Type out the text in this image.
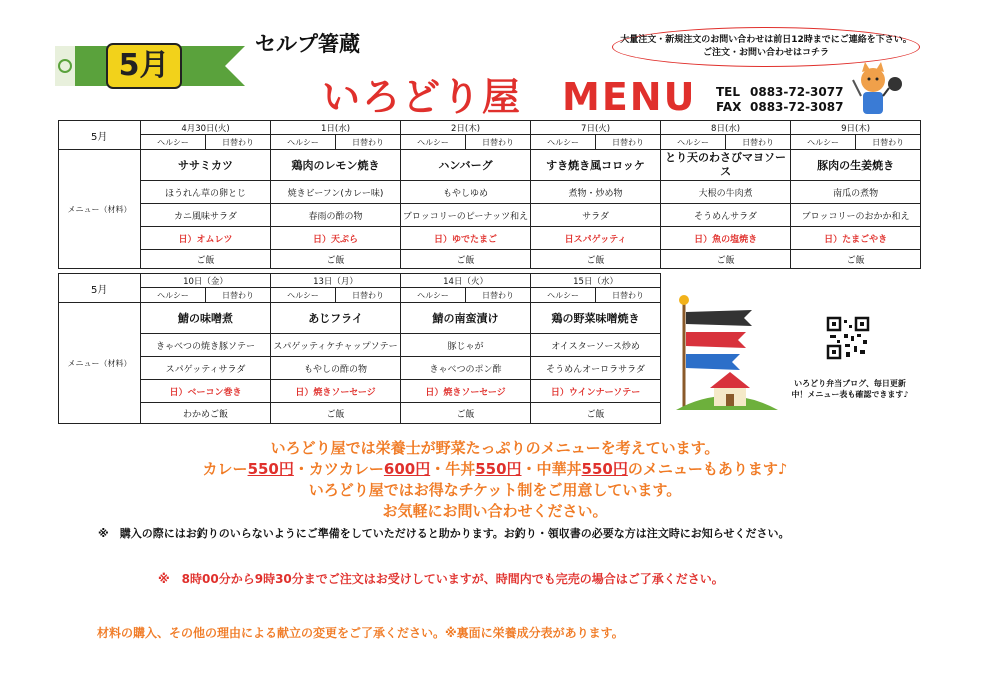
5月
セルプ箸蔵
いろどり屋　MENU
大量注文・新規注文のお問い合わせは前日12時までにご連絡を下さい。
ご注文・お問い合わせはコチラ
TEL 0883-72-3077
FAX 0883-72-3087
5月	4月30日(火)		1日(水)		2日(木)		7日(火)		8日(水)		9日(木)	
	ヘルシー	日替わり	ヘルシー	日替わり	ヘルシー	日替わり	ヘルシー	日替わり	ヘルシー	日替わり	ヘルシー	日替わり
メニュー（材料）	ササミカツ		鶏肉のレモン焼き		ハンバーグ		すき焼き風コロッケ		とり天のわさびマヨソース		豚肉の生姜焼き	
	ほうれん草の卵とじ		焼きビーフン(カレー味)		もやしゆめ		煮物・炒め物		大根の牛肉煮		南瓜の煮物	
	カニ風味サラダ		春雨の酢の物		ブロッコリーのピーナッツ和え		サラダ		そうめんサラダ		ブロッコリーのおかか和え	
	日）オムレツ		日）天ぷら		日）ゆでたまご		日スパゲッティ		日）魚の塩焼き		日）たまごやき	
	ご飯		ご飯		ご飯		ご飯		ご飯		ご飯	
5月	10日（金）		13日（月）		14日（火）		15日（水）	
	ヘルシー	日替わり	ヘルシー	日替わり	ヘルシー	日替わり	ヘルシー	日替わり
メニュー（材料）	鯖の味噌煮		あじフライ		鯖の南蛮漬け		鶏の野菜味噌焼き	
	きゃべつの焼き豚ソテー		スパゲッティケチャップソテー		豚じゃが		オイスターソース炒め	
	スパゲッティサラダ		もやしの酢の物		きゃべつのポン酢		そうめんオーロラサラダ	
	日）ベーコン巻き		日）焼きソーセージ		日）焼きソーセージ		日）ウインナーソテー	
	わかめご飯		ご飯		ご飯		ご飯	
いろどり弁当ブログ、毎日更新
中！メニュー表も確認できます♪
いろどり屋では栄養士が野菜たっぷりのメニューを考えています。
カレー550円・カツカレー600円・牛丼550円・中華丼550円のメニューもあります♪
いろどり屋ではお得なチケット制をご用意しています。
お気軽にお問い合わせください。
※　購入の際にはお釣りのいらないようにご準備をしていただけると助かります。お釣り・領収書の必要な方は注文時にお知らせください。
※　8時00分から9時30分までご注文はお受けしていますが、時間内でも完売の場合はご了承ください。
材料の購入、その他の理由による献立の変更をご了承ください。※裏面に栄養成分表があります。
